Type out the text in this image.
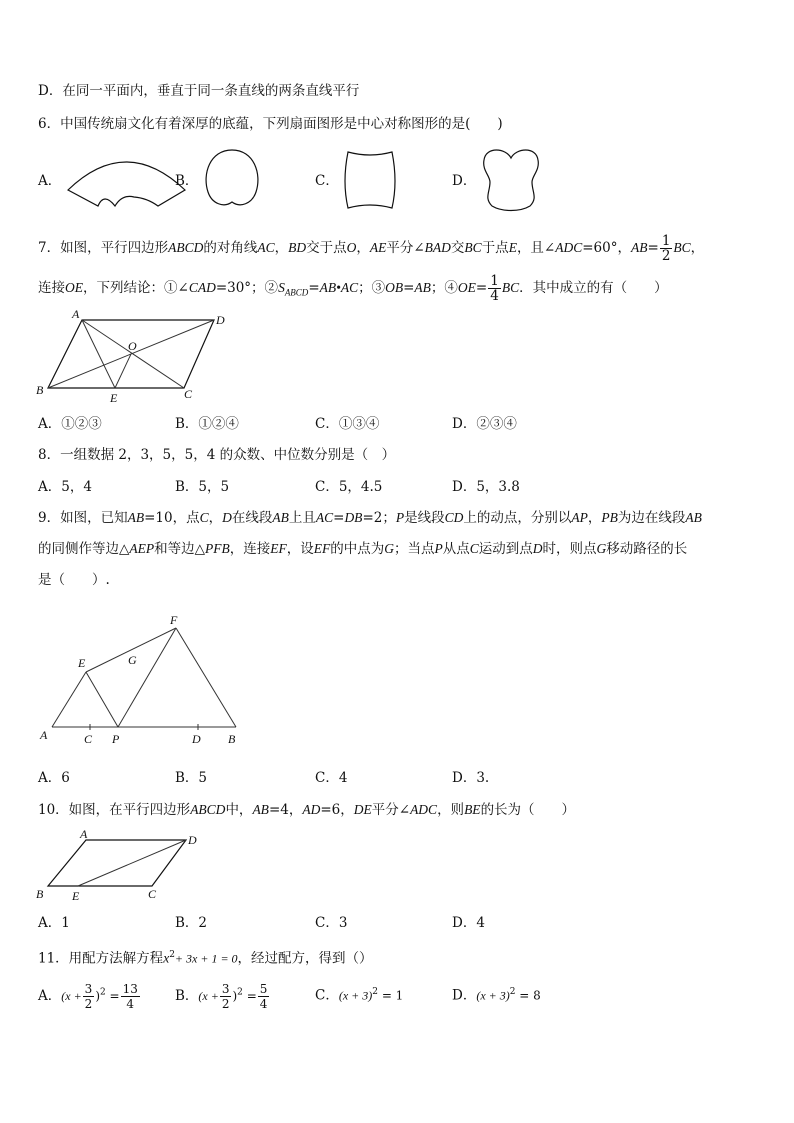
D．在同一平面内，垂直于同一条直线的两条直线平行
6．中国传统扇文化有着深厚的底蕴，下列扇面图形是中心对称图形的是(　　)
A．	B．	C．	D．
7．如图，平行四边形ABCD的对角线AC，BD交于点O，AE平分∠BAD交BC于点E，且∠ADC=60°，$AB= \frac{1}{2}$ BC，
连接OE，下列结论：①∠CAD=30°；$②S_{ABCD}=AB•AC$；③OB=AB；④OE= $\frac{1}{4}$ BC．其中成立的有（　　）
A	D
O
B
E	C
A．①②③	B．①②④	C．①③④	D．②③④
8．一组数据 2，3，5，5，4 的众数、中位数分别是（　）
A．5，4	B．5，5	C．5，4.5	D．5，3.8
9．如图，已知AB=10，点C，D在线段AB上且AC=DB=2；P是线段CD上的动点，分别以AP，PB为边在线段AB
的同侧作等边△AEP和等边△PFB，连接EF，设EF的中点为G；当点P从点C运动到点D时，则点G移动路径的长
是（　　）.
F
E	G
A	C P	D B
A．6	B．5	C．4	D．3.
10．如图，在平行四边形ABCD中，AB=4，AD=6，DE平分∠ADC，则BE的长为（　　）
A	D
B E	C
A．1	B．2	C．3	D．4
11．用配方法解方程$x^2+ 3x + 1 = 0$，经过配方，得到（）
A．$(x + \frac{3}{2} )^2 = \frac{13}{4}$	B．$(x + \frac{3}{2} )^2 = \frac{5}{4}$	C．$(x + 3)^2 = 1$	D．$(x + 3)^2 = 8$
